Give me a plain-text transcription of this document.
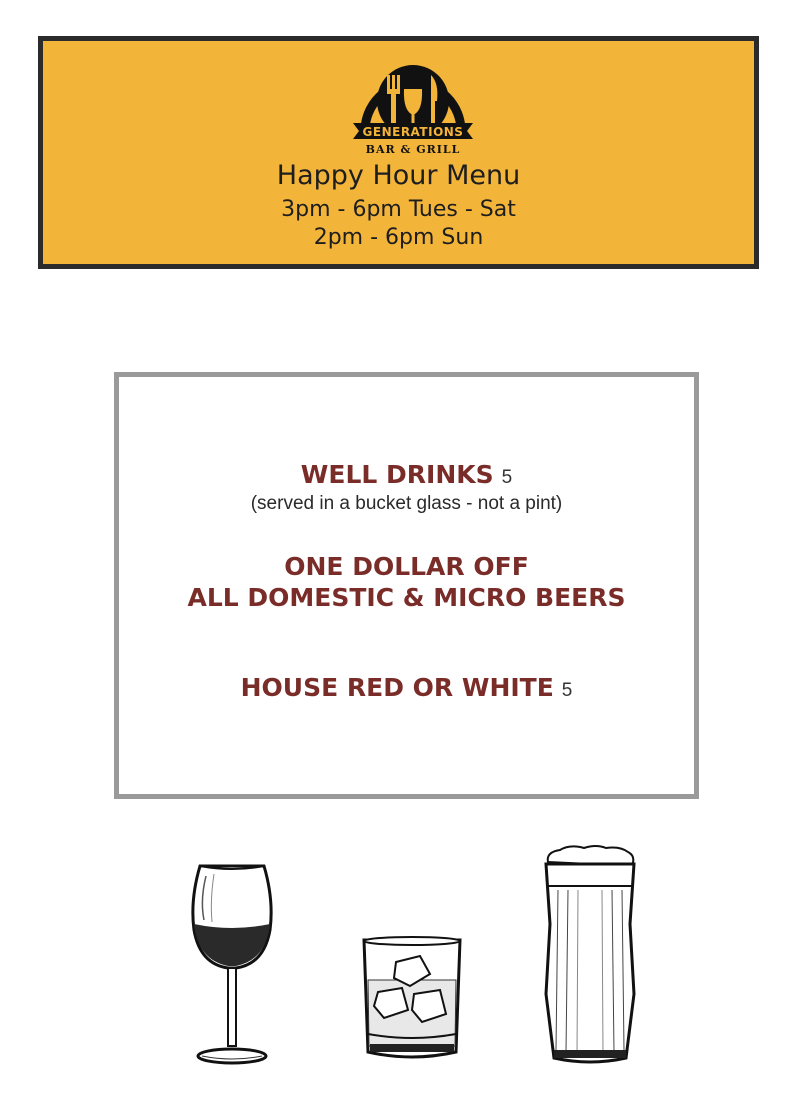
GENERATIONS
BAR & GRILL
Happy Hour Menu
3pm - 6pm Tues - Sat
2pm - 6pm Sun
WELL DRINKS 5
(served in a bucket glass - not a pint)
ONE DOLLAR OFF
ALL DOMESTIC & MICRO BEERS
HOUSE RED OR WHITE 5
